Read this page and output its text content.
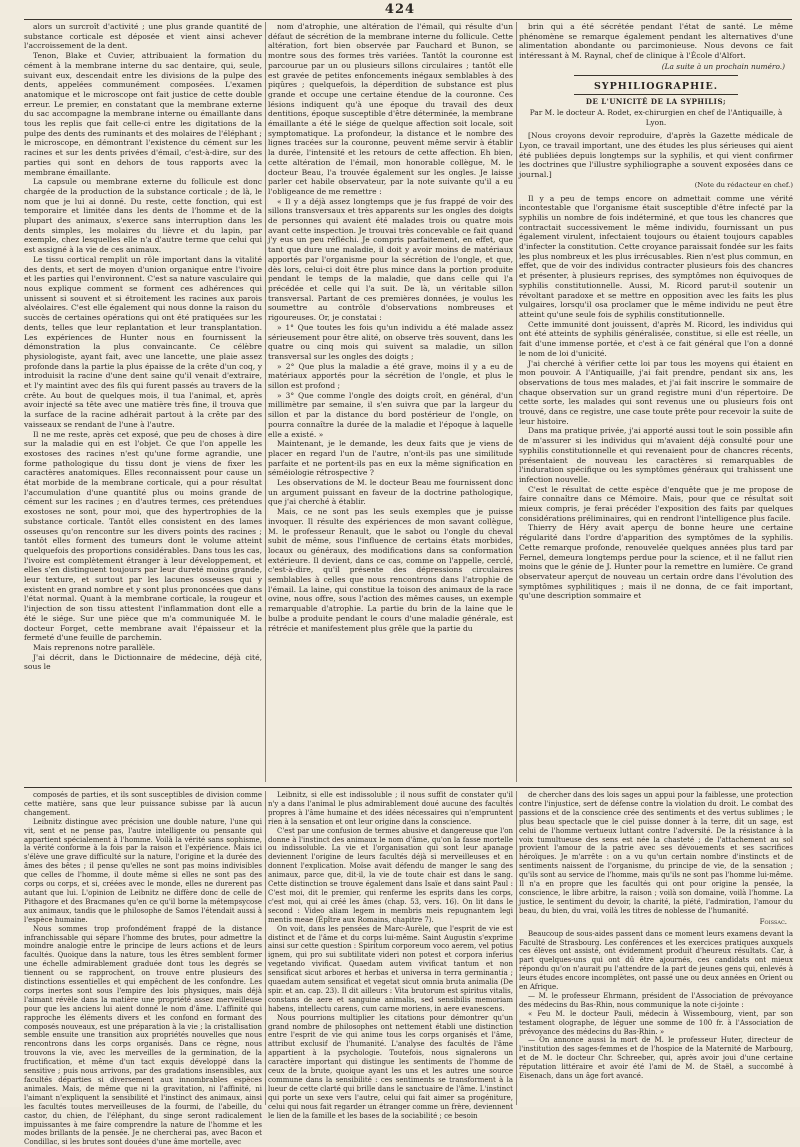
424

alors un surcroît d'activité ; une plus grande quantité de substance corticale est déposée et vient ainsi achever l'accroissement de la dent.

Tenon, Blake et Cuvier, attribuaient la formation du cément à la membrane interne du sac dentaire, qui, seule, suivant eux, descendait entre les divisions de la pulpe des dents, appelées communément composées. L'examen anatomique et le microscope ont fait justice de cette double erreur. Le premier, en constatant que la membrane externe du sac accompagne la membrane interne ou émaillante dans tous les replis que fait celle-ci entre les digitations de la pulpe des dents des ruminants et des molaires de l'éléphant ; le microscope, en démontrant l'existence du cément sur les racines et sur les dents privées d'émail, c'est-à-dire, sur des parties qui sont en dehors de tous rapports avec la membrane émaillante.

La capsule ou membrane externe du follicule est donc chargée de la production de la substance corticale ; de là, le nom que je lui ai donné. Du reste, cette fonction, qui est temporaire et limitée dans les dents de l'homme et de la plupart des animaux, s'exerce sans interruption dans les dents simples, les molaires du lièvre et du lapin, par exemple, chez lesquelles elle n'a d'autre terme que celui qui est assigné à la vie de ces animaux.

Le tissu cortical remplit un rôle important dans la vitalité des dents, et sert de moyen d'union organique entre l'ivoire et les parties qui l'environnent. C'est sa nature vasculaire qui nous explique comment se forment ces adhérences qui unissent si souvent et si étroitement les racines aux parois alvéolaires. C'est elle également qui nous donne la raison du succès de certaines opérations qui ont été pratiquées sur les dents, telles que leur replantation et leur transplantation. Les expériences de Hunter nous en fournissent la démonstration la plus convaincante. Ce célèbre physiologiste, ayant fait, avec une lancette, une plaie assez profonde dans la partie la plus épaisse de la crête d'un coq, y introduisit la racine d'une dent saine qu'il venait d'extraire, et l'y maintint avec des fils qui furent passés au travers de la crête. Au bout de quelques mois, il tua l'animal, et, après avoir injecté sa tête avec une matière très fine, il trouva que la surface de la racine adhérait partout à la crête par des vaisseaux se rendant de l'une à l'autre.

Il ne me reste, après cet exposé, que peu de choses à dire sur la maladie qui en est l'objet. Ce que l'on appelle les exostoses des racines n'est qu'une forme agrandie, une forme pathologique du tissu dont je viens de fixer les caractères anatomiques. Elles reconnaissent pour cause un état morbide de la membrane corticale, qui a pour résultat l'accumulation d'une quantité plus ou moins grande de cément sur les racines ; en d'autres termes, ces prétendues exostoses ne sont, pour moi, que des hypertrophies de la substance corticale. Tantôt elles consistent en des lames osseuses qu'on rencontre sur les divers points des racines ; tantôt elles forment des tumeurs dont le volume atteint quelquefois des proportions considérables. Dans tous les cas, l'ivoire est complètement étranger à leur développement, et elles s'en distinguent toujours par leur dureté moins grande, leur texture, et surtout par les lacunes osseuses qui y existent en grand nombre et y sont plus prononcées que dans l'état normal. Quant à la membrane corticale, la rougeur et l'injection de son tissu attestent l'inflammation dont elle a été le siége. Sur une pièce que m'a communiquée M. le docteur Forget, cette membrane avait l'épaisseur et la fermeté d'une feuille de parchemin.

Mais reprenons notre parallèle.

J'ai décrit, dans le Dictionnaire de médecine, déjà cité, sous le

nom d'atrophie, une altération de l'émail, qui résulte d'un défaut de sécrétion de la membrane interne du follicule. Cette altération, fort bien observée par Fauchard et Bunon, se montre sous des formes très variées. Tantôt la couronne est parcourue par un ou plusieurs sillons circulaires ; tantôt elle est gravée de petites enfoncements inégaux semblables à des piqûres ; quelquefois, la déperdition de substance est plus grande et occupe une certaine étendue de la couronne. Ces lésions indiquent qu'à une époque du travail des deux dentitions, époque susceptible d'être déterminée, la membrane émaillante a été le siége de quelque affection soit locale, soit symptomatique. La profondeur, la distance et le nombre des lignes tracées sur la couronne, peuvent même servir à établir la durée, l'intensité et les retours de cette affection. Eh bien, cette altération de l'émail, mon honorable collègue, M. le docteur Beau, l'a trouvée également sur les ongles. Je laisse parler cet habile observateur, par la note suivante qu'il a eu l'obligeance de me remettre :

« Il y a déjà assez longtemps que je fus frappé de voir des sillons transversaux et très apparents sur les ongles des doigts de personnes qui avaient été malades trois ou quatre mois avant cette inspection. Je trouvai très concevable ce fait quand j'y eus un peu réfléchi. Je compris parfaitement, en effet, que tant que dure une maladie, il doit y avoir moins de matériaux apportés par l'organisme pour la sécrétion de l'ongle, et que, dès lors, celui-ci doit être plus mince dans la portion produite pendant le temps de la maladie, que dans celle qui l'a précédée et celle qui l'a suit. De là, un véritable sillon transversal. Partant de ces premières données, je voulus les soumettre au contrôle d'observations nombreuses et rigoureuses. Or, je constatai :

» 1° Que toutes les fois qu'un individu a été malade assez sérieusement pour être alité, on observe très souvent, dans les quatre ou cinq mois qui suivent sa maladie, un sillon transversal sur les ongles des doigts ;

» 2° Que plus la maladie a été grave, moins il y a eu de matériaux apportés pour la sécrétion de l'ongle, et plus le sillon est profond ;

» 3° Que comme l'ongle des doigts croît, en général, d'un millimètre par semaine, il s'en suivra que par la largeur du sillon et par la distance du bord postérieur de l'ongle, on pourra connaître la durée de la maladie et l'époque à laquelle elle a existé. »

Maintenant, je le demande, les deux faits que je viens de placer en regard l'un de l'autre, n'ont-ils pas une similitude parfaite et ne portent-ils pas en eux la même signification en séméiologie rétrospective ?

Les observations de M. le docteur Beau me fournissent donc un argument puissant en faveur de la doctrine pathologique, que j'ai cherché à établir.

Mais, ce ne sont pas les seuls exemples que je puisse invoquer. Il résulte des expériences de mon savant collègue, M. le professeur Renault, que le sabot ou l'ongle du cheval subit de même, sous l'influence de certains états morbides, locaux ou généraux, des modifications dans sa conformation extérieure. Il devient, dans ce cas, comme on l'appelle, cerclé, c'est-à-dire, qu'il présente des dépressions circulaires semblables à celles que nous rencontrons dans l'atrophie de l'émail. La laine, qui constitue la toison des animaux de la race ovine, nous offre, sous l'action des mêmes causes, un exemple remarquable d'atrophie. La partie du brin de la laine que le bulbe a produite pendant le cours d'une maladie générale, est rétrécie et manifestement plus grêle que la partie du

brin qui a été sécrétée pendant l'état de santé. Le même phénomène se remarque également pendant les alternatives d'une alimentation abondante ou parcimonieuse. Nous devons ce fait intéressant à M. Raynal, chef de clinique à l'École d'Alfort.

(La suite à un prochain numéro.)
SYPHILIOGRAPHIE.
DE L'UNICITÉ DE LA SYPHILIS;
Par M. le docteur A. Rodet, ex-chirurgien en chef de l'Antiquaille, à Lyon.

[Nous croyons devoir reproduire, d'après la Gazette médicale de Lyon, ce travail important, une des études les plus sérieuses qui aient été publiées depuis longtemps sur la syphilis, et qui vient confirmer les doctrines que l'illustre syphiliographe a souvent exposées dans ce journal.]

(Note du rédacteur en chef.)

Il y a peu de temps encore on admettait comme une vérité incontestable que l'organisme était susceptible d'être infecté par la syphilis un nombre de fois indéterminé, et que tous les chancres que contractait successivement le même individu, fournissant un pus également virulent, infectaient toujours ou étaient toujours capables d'infecter la constitution. Cette croyance paraissait fondée sur les faits les plus nombreux et les plus irrécusables. Rien n'est plus commun, en effet, que de voir des individus contracter plusieurs fois des chancres et présenter, à plusieurs reprises, des symptômes non équivoques de syphilis constitutionnelle. Aussi, M. Ricord parut-il soutenir un révoltant paradoxe et se mettre en opposition avec les faits les plus vulgaires, lorsqu'il osa proclamer que le même individu ne peut être atteint qu'une seule fois de syphilis constitutionnelle.

Cette immunité dont jouissent, d'après M. Ricord, les individus qui ont été atteints de syphilis généralisée, constitue, si elle est réelle, un fait d'une immense portée, et c'est à ce fait général que l'on a donné le nom de loi d'unicité.

J'ai cherché à vérifier cette loi par tous les moyens qui étaient en mon pouvoir. A l'Antiquaille, j'ai fait prendre, pendant six ans, les observations de tous mes malades, et j'ai fait inscrire le sommaire de chaque observation sur un grand registre muni d'un répertoire. De cette sorte, les malades qui sont revenus une ou plusieurs fois ont trouvé, dans ce registre, une case toute prête pour recevoir la suite de leur histoire.

Dans ma pratique privée, j'ai apporté aussi tout le soin possible afin de m'assurer si les individus qui m'avaient déjà consulté pour une syphilis constitutionnelle et qui revenaient pour de chancres récents, présentaient de nouveau les caractères si remarquables de l'induration spécifique ou les symptômes généraux qui trahissent une infection nouvelle.

C'est le résultat de cette espèce d'enquête que je me propose de faire connaître dans ce Mémoire. Mais, pour que ce résultat soit mieux compris, je ferai précéder l'exposition des faits par quelques considérations préliminaires, qui en rendront l'intelligence plus facile.

Thierry de Héry avait aperçu de bonne heure une certaine régularité dans l'ordre d'apparition des symptômes de la syphilis. Cette remarque profonde, renouvelée quelques années plus tard par Fernel, demeura longtemps perdue pour la science, et il ne fallut rien moins que le génie de J. Hunter pour la remettre en lumière. Ce grand observateur aperçut de nouveau un certain ordre dans l'évolution des symptômes syphilitiques ; mais il ne donna, de ce fait important, qu'une description sommaire et

composés de parties, et ils sont susceptibles de division comme cette matière, sans que leur puissance subisse par là aucun changement.

Leibnitz distingue avec précision une double nature, l'une qui vit, sent et ne pense pas, l'autre intelligente ou pensante qui appartient spécialement à l'homme. Voilà la vérité sans sophisme, la vérité conforme à la fois par la raison et l'expérience. Mais ici s'élève une grave difficulté sur la nature, l'origine et la durée des âmes des bêtes ; il pense qu'elles ne sont pas moins indivisibles que celles de l'homme, il doute même si elles ne sont pas des corps ou corps, et si, créées avec le monde, elles ne durerent pas autant que lui. L'opinion de Leibnitz ne diffère donc de celle de Pithagore et des Bracmanes qu'en ce qu'il borne la métempsycose aux animaux, tandis que le philosophe de Samos l'étendait aussi à l'espèce humaine.

Nous sommes trop profondément frappé de la distance infranchissable qui sépare l'homme des brutes, pour admettre la moindre analogie entre le principe de leurs actions et de leurs facultés. Quoique dans la nature, tous les êtres semblent former une échelle admirablement graduée dont tous les degrés se tiennent ou se rapprochent, on trouve entre plusieurs des distinctions essentielles et qui empêchent de les confondre. Les corps inertes sont sous l'empire des lois physiques, mais déjà l'aimant révèle dans la matière une propriété assez merveilleuse pour que les anciens lui aient donné le nom d'âme. L'affinité qui rapproche les éléments divers et les confond en formant des composés nouveaux, est une préparation à la vie ; la cristallisation semble ensuite une transition aux propriétés nouvelles que nous rencontrons dans les corps organisés. Dans ce règne, nous trouvons la vie, avec les merveilles de la germination, de la fructification, et même d'un tact exquis développé dans la sensitive ; puis nous arrivons, par des gradations insensibles, aux facultés départies si diversement aux innombrables espèces animales. Mais, de même que ni la gravitation, ni l'affinité, ni l'aimant n'expliquent la sensibilité et l'instinct des animaux, ainsi les facultés toutes merveilleuses de la fourmi, de l'abeille, du castor, du chien, de l'éléphant, du singe seront radicalement impuissantes à me faire comprendre la nature de l'homme et les modes brillants de la pensée. Je ne chercherai pas, avec Bacon et Condillac, si les brutes sont douées d'une âme mortelle, avec

Leibnitz, si elle est indissoluble ; il nous suffit de constater qu'il n'y a dans l'animal le plus admirablement doué aucune des facultés propres à l'âme humaine et des idées nécessaires qui n'empruntent rien à la sensation et ont leur origine dans la conscience.

C'est par une confusion de termes abusive et dangereuse que l'on donne à l'instinct des animaux le nom d'âme, qu'on la fasse mortelle ou indissoluble. La vie et l'organisation qui sont leur apanage deviennent l'origine de leurs facultés déjà si merveilleuses et en donnent l'explication. Moïse avait défendu de manger le sang des animaux, parce que, dit-il, la vie de toute chair est dans le sang. Cette distinction se trouve également dans Isaïe et dans saint Paul : C'est moi, dit le premier, qui renferme les esprits dans les corps, c'est moi, qui ai créé les âmes (chap. 53, vers. 16). On lit dans le second : Video aliam legem in membris meis repugnantem legi mentis meae (Épître aux Romains, chapitre 7).

On voit, dans les pensées de Marc-Aurèle, que l'esprit de vie est distinct et de l'âme et du corps lui-même. Saint Augustin s'exprime ainsi sur cette question : Spiritum corporeum voco aerem, vel potius ignem, qui pro sui subtilitate videri non potest et corpora inferius vegetando vivificat. Quaedam autem vivificat tantum et non sensificat sicut arbores et herbas et universa in terra germinantia ; quaedam autem sensificat et vegetat sicut omnia bruta animalia (De spir. et an. cap. 23). Il dit ailleurs : Vita brutorum est spiritus vitalis, constans de aere et sanguine animalis, sed sensibilis memoriam habens, intellectu carens, cum carne moriens, in aere evanescens.

Nous pourrions multiplier les citations pour démontrer qu'un grand nombre de philosophes ont nettement établi une distinction entre l'esprit de vie qui anime tous les corps organisés et l'âme, attribut exclusif de l'humanité. L'analyse des facultés de l'âme appartient à la psychologie. Toutefois, nous signalerons un caractère important qui distingue les sentiments de l'homme de ceux de la brute, quoique ayant les uns et les autres une source commune dans la sensibilité : ces sentiments se transforment à la lueur de cette clarté qui brille dans le sanctuaire de l'âme. L'instinct qui porte un sexe vers l'autre, celui qui fait aimer sa progéniture, celui qui nous fait regarder un étranger comme un frère, deviennent le lien de la famille et les bases de la sociabilité ; ce besoin

de chercher dans des lois sages un appui pour la faiblesse, une protection contre l'injustice, sert de défense contre la violation du droit. Le combat des passions et de la conscience crée des sentiments et des vertus sublimes ; le plus beau spectacle que le ciel puisse donner à la terre, dit un sage, est celui de l'homme vertueux luttant contre l'adversité. De la résistance à la voix tumultueuse des sens est née la chasteté ; de l'attachement au sol provient l'amour de la patrie avec ses dévouements et ses sacrifices héroïques. Je m'arrête : on a vu qu'un certain nombre d'instincts et de sentiments naissent de l'organisme, du principe de vie, de la sensation ; qu'ils sont au service de l'homme, mais qu'ils ne sont pas l'homme lui-même. Il n'a en propre que les facultés qui ont pour origine la pensée, la conscience, le libre arbitre, la raison ; voilà son domaine, voilà l'homme. La justice, le sentiment du devoir, la charité, la piété, l'admiration, l'amour du beau, du bien, du vrai, voilà les titres de noblesse de l'humanité.

Foissac.

Beaucoup de sous-aides passent dans ce moment leurs examens devant la Faculté de Strasbourg. Les conférences et les exercices pratiques auxquels ces élèves ont assisté, ont évidemment produit d'heureux résultats. Car, à part quelques-uns qui ont dû être ajournés, ces candidats ont mieux répondu qu'on n'aurait pu l'attendre de la part de jeunes gens qui, enlevés à leurs études encore incomplètes, ont passé une ou deux années en Orient ou en Afrique.

— M. le professeur Ehrmann, président de l'Association de prévoyance des médecins du Bas-Rhin, nous communique la note ci-jointe :

« Feu M. le docteur Pauli, médecin à Wissembourg, vient, par son testament olographe, de léguer une somme de 100 fr. à l'Association de prévoyance des médecins du Bas-Rhin. »

— On annonce aussi la mort de M. le professeur Huter, directeur de l'institution des sages-femmes et de l'hospice de la Maternité de Marbourg, et de M. le docteur Chr. Schreeber, qui, après avoir joui d'une certaine réputation littéraire et avoir été l'ami de M. de Staël, a succombé à Eisenach, dans un âge fort avancé.
